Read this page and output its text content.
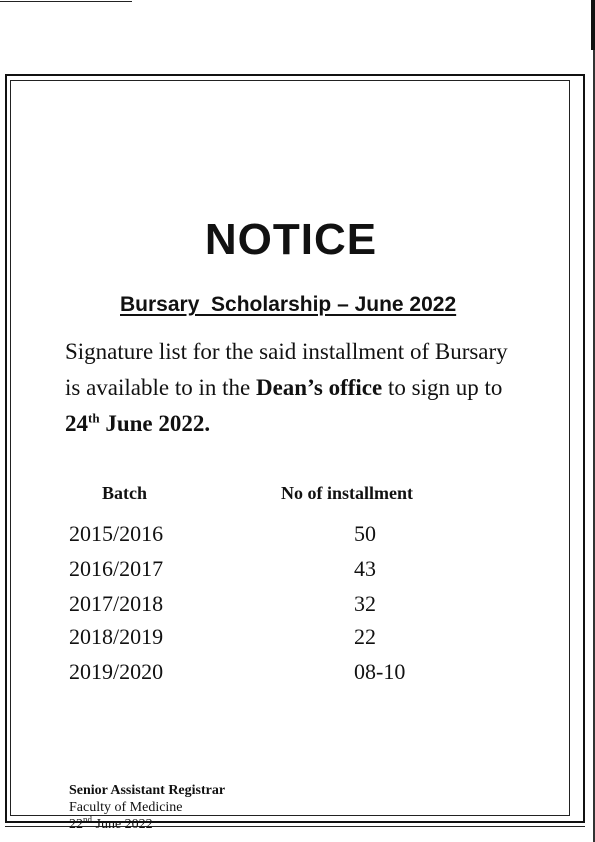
NOTICE
Bursary  Scholarship – June 2022
Signature list for the said installment of Bursary
is available to in the Dean’s office to sign up to
24th June 2022.
Batch	No of installment
2015/2016	50
2016/2017	43
2017/2018	32
2018/2019	22
2019/2020	08-10
Senior Assistant Registrar
Faculty of Medicine
22nd June 2022
